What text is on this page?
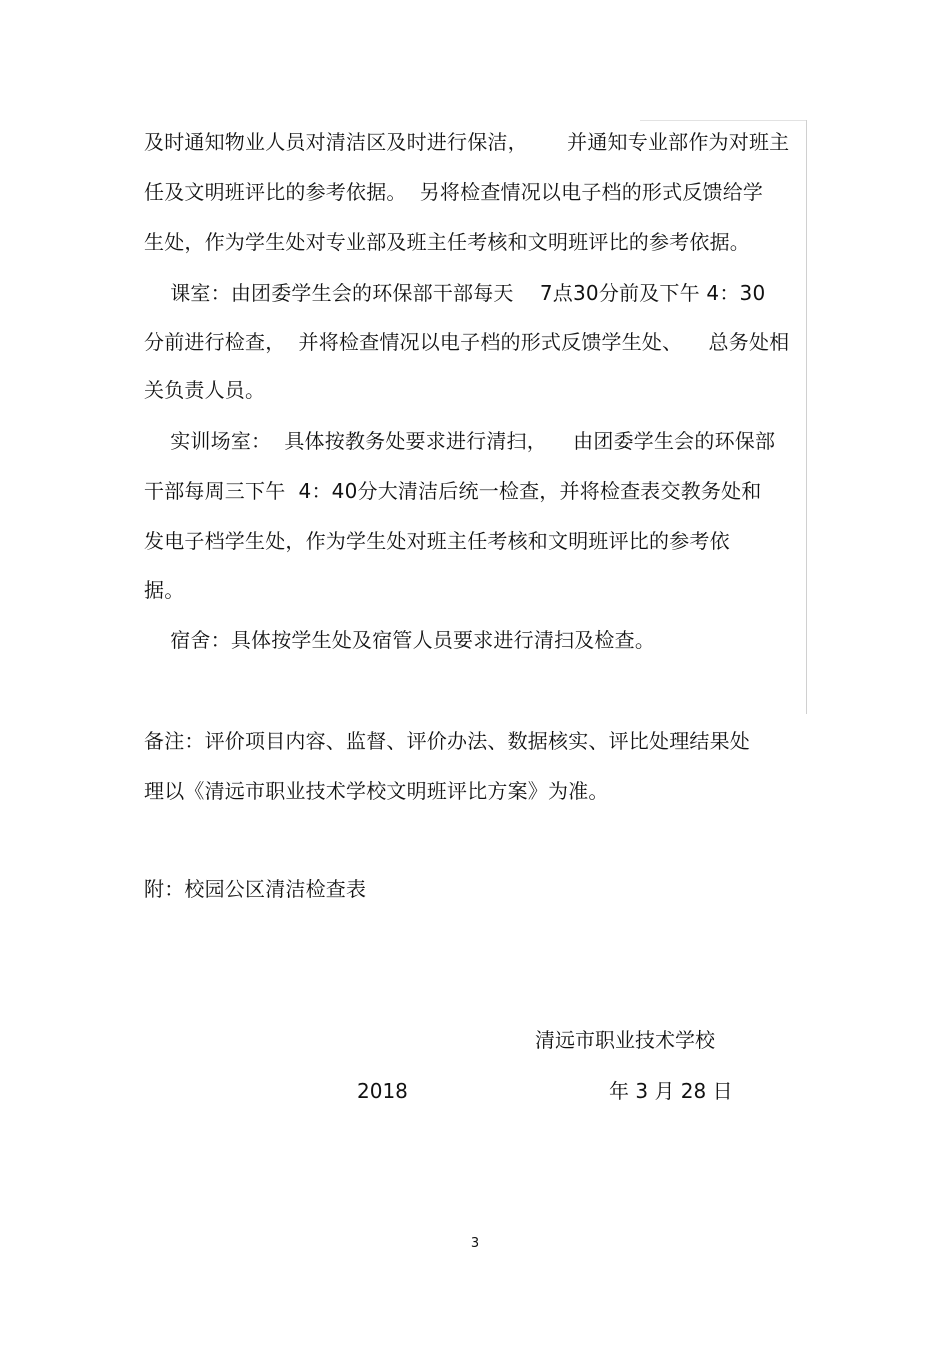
及时通知物业人员对清洁区及时进行保洁，      并通知专业部作为对班主
任及文明班评比的参考依据。  另将检查情况以电子档的形式反馈给学
生处，作为学生处对专业部及班主任考核和文明班评比的参考依据。
课室：由团委学生会的环保部干部每天    7点30分前及下午 4：30
分前进行检查，  并将检查情况以电子档的形式反馈学生处、    总务处相
关负责人员。
实训场室：  具体按教务处要求进行清扫，    由团委学生会的环保部
干部每周三下午  4：40分大清洁后统一检查，并将检查表交教务处和
发电子档学生处，作为学生处对班主任考核和文明班评比的参考依
据。
宿舍：具体按学生处及宿管人员要求进行清扫及检查。
备注：评价项目内容、监督、评价办法、数据核实、评比处理结果处
理以《清远市职业技术学校文明班评比方案》为准。
附：校园公区清洁检查表
清远市职业技术学校
2018	年 3 月 28 日
3
